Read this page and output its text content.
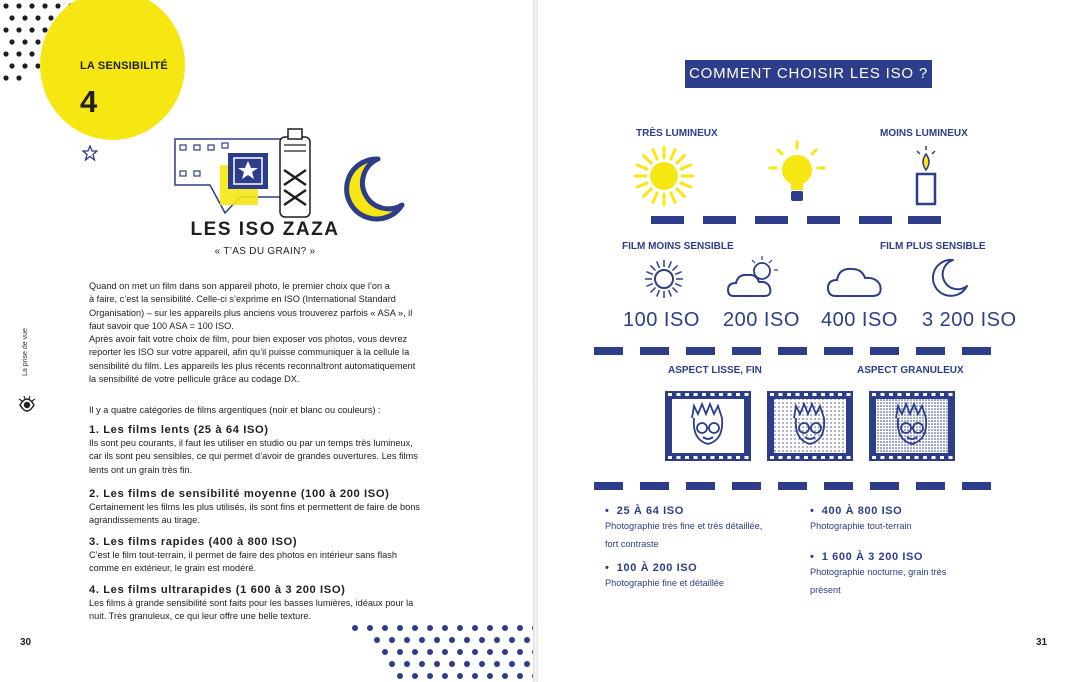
LA SENSIBILITÉ
4
LES ISO ZAZA
« T’AS DU GRAIN? »

Quand on met un film dans son appareil photo, le premier choix que l’on a

à faire, c’est la sensibilité. Celle-ci s’exprime en ISO (International Standard

Organisation) – sur les appareils plus anciens vous trouverez parfois « ASA », il

faut savoir que 100 ASA = 100 ISO.

Après avoir fait votre choix de film, pour bien exposer vos photos, vous devrez

reporter les ISO sur votre appareil, afin qu’il puisse communiquer à la cellule la

sensibilité du film. Les appareils les plus récents reconnaîtront automatiquement

la sensibilité de votre pellicule grâce au codage DX.

Il y a quatre catégories de films argentiques (noir et blanc ou couleurs) :

1. Les films lents (25 à 64 ISO)

Ils sont peu courants, il faut les utiliser en studio ou par un temps très lumineux,

car ils sont peu sensibles, ce qui permet d’avoir de grandes ouvertures. Les films

lents ont un grain très fin.

2. Les films de sensibilité moyenne (100 à 200 ISO)

Certainement les films les plus utilisés, ils sont fins et permettent de faire de bons

agrandissements au tirage.

3. Les films rapides (400 à 800 ISO)

C’est le film tout-terrain, il permet de faire des photos en intérieur sans flash

comme en extérieur, le grain est modéré.

4. Les films ultrarapides (1 600 à 3 200 ISO)

Les films à grande sensibilité sont faits pour les basses lumières, idéaux pour la

nuit. Très granuleux, ce qui leur offre une belle texture.

La prise de vue
30
COMMENT CHOISIR LES ISO ?
TRÈS LUMINEUX	MOINS LUMINEUX
FILM MOINS SENSIBLE	FILM PLUS SENSIBLE
100 ISO 200 ISO 400 ISO 3 200 ISO
ASPECT LISSE, FIN	ASPECT GRANULEUX
•  25 À 64 ISO
Photographie très fine et très détaillée,
fort contraste
•  100 À 200 ISO
Photographie fine et détaillée
•  400 À 800 ISO
Photographie tout-terrain
•  1 600 À 3 200 ISO
Photographie nocturne, grain très
présent
31
